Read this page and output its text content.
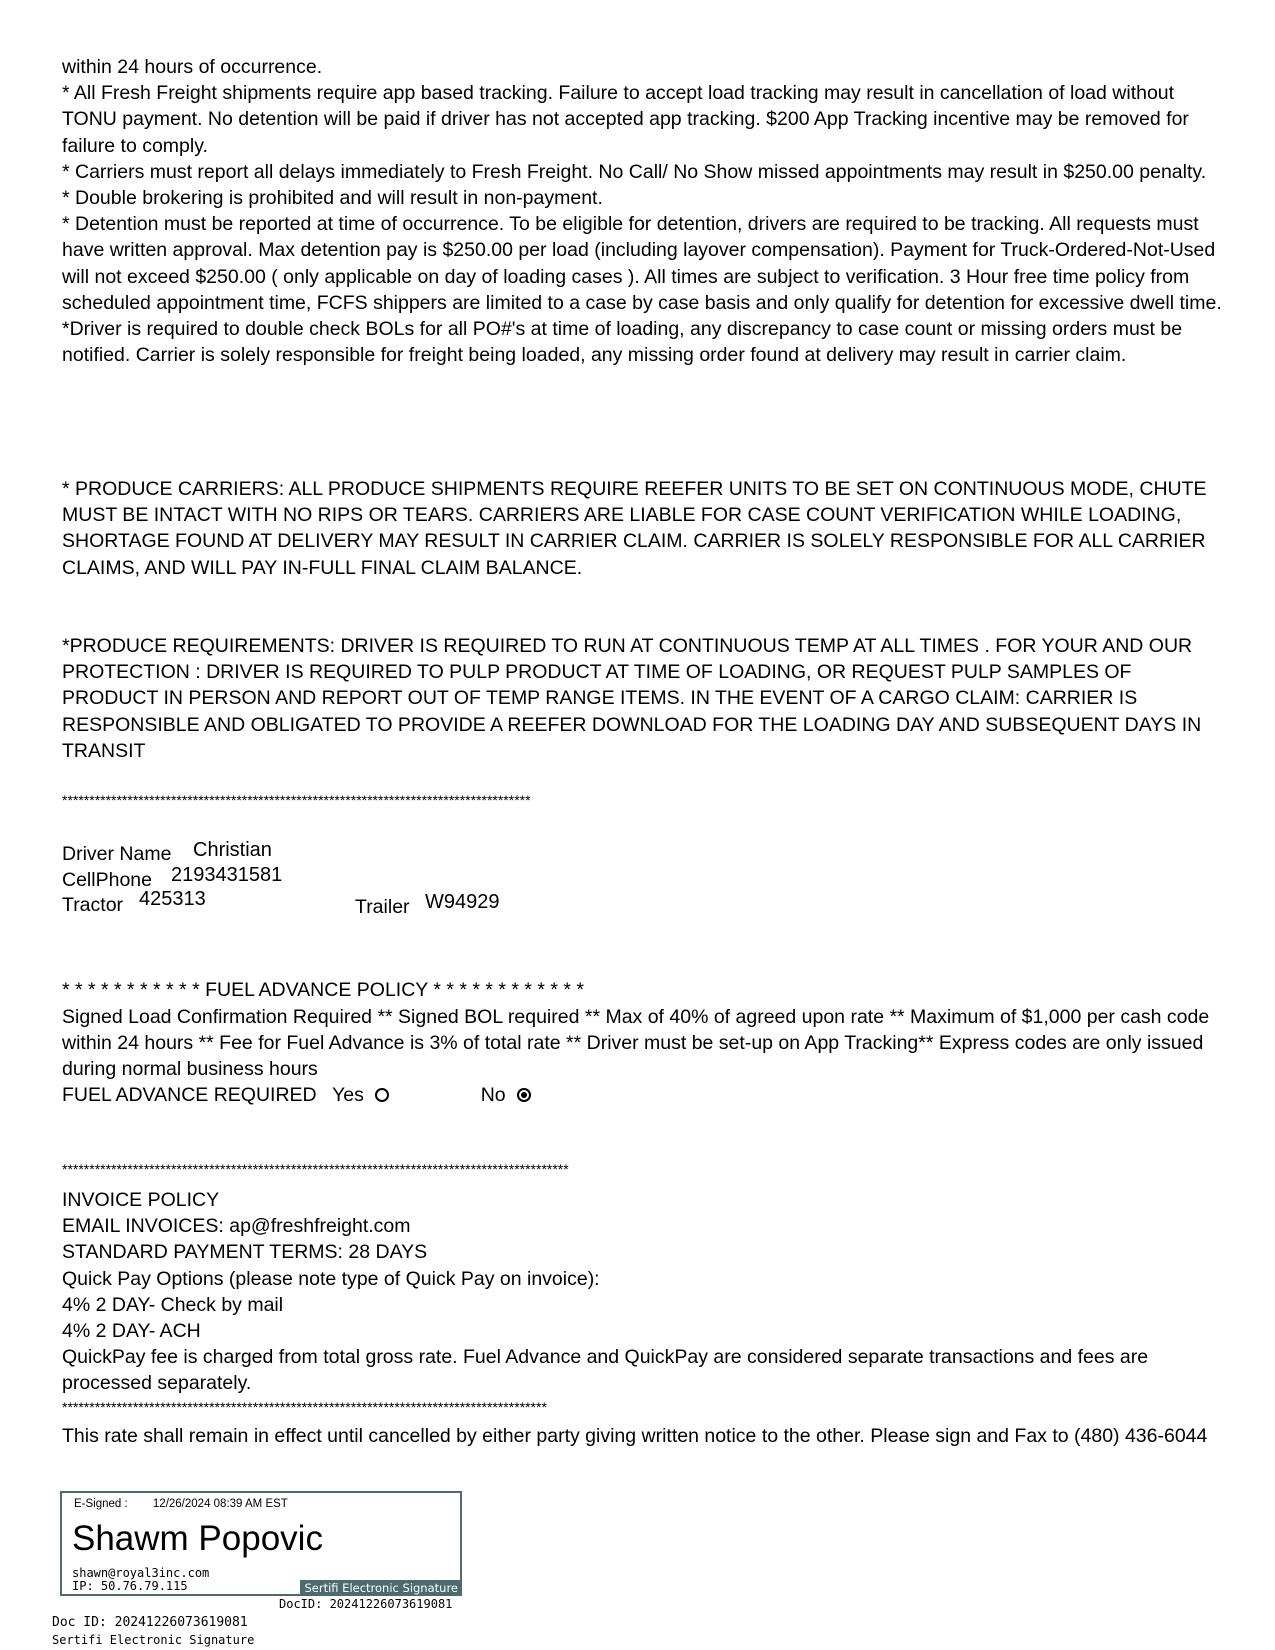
within 24 hours of occurrence.

* All Fresh Freight shipments require app based tracking. Failure to accept load tracking may result in cancellation of load without TONU payment. No detention will be paid if driver has not accepted app tracking. $200 App Tracking incentive may be removed for failure to comply.

* Carriers must report all delays immediately to Fresh Freight. No Call/ No Show missed appointments may result in $250.00 penalty.

* Double brokering is prohibited and will result in non-payment.

* Detention must be reported at time of occurrence. To be eligible for detention, drivers are required to be tracking. All requests must have written approval. Max detention pay is $250.00 per load (including layover compensation). Payment for Truck-Ordered-Not-Used will not exceed $250.00 ( only applicable on day of loading cases ). All times are subject to verification. 3 Hour free time policy from scheduled appointment time, FCFS shippers are limited to a case by case basis and only qualify for detention for excessive dwell time.

*Driver is required to double check BOLs for all PO#'s at time of loading, any discrepancy to case count or missing orders must be notified. Carrier is solely responsible for freight being loaded, any missing order found at delivery may result in carrier claim.

* PRODUCE CARRIERS: ALL PRODUCE SHIPMENTS REQUIRE REEFER UNITS TO BE SET ON CONTINUOUS MODE, CHUTE MUST BE INTACT WITH NO RIPS OR TEARS. CARRIERS ARE LIABLE FOR CASE COUNT VERIFICATION WHILE LOADING, SHORTAGE FOUND AT DELIVERY MAY RESULT IN CARRIER CLAIM. CARRIER IS SOLELY RESPONSIBLE FOR ALL CARRIER CLAIMS, AND WILL PAY IN-FULL FINAL CLAIM BALANCE.

*PRODUCE REQUIREMENTS: DRIVER IS REQUIRED TO RUN AT CONTINUOUS TEMP AT ALL TIMES . FOR YOUR AND OUR PROTECTION : DRIVER IS REQUIRED TO PULP PRODUCT AT TIME OF LOADING, OR REQUEST PULP SAMPLES OF PRODUCT IN PERSON AND REPORT OUT OF TEMP RANGE ITEMS. IN THE EVENT OF A CARGO CLAIM: CARRIER IS RESPONSIBLE AND OBLIGATED TO PROVIDE A REEFER DOWNLOAD FOR THE LOADING DAY AND SUBSEQUENT DAYS IN TRANSIT

**************************************************************************************
Driver Name Christian
CellPhone 2193431581
Tractor 425313	Trailer W94929
* * * * * * * * * * * FUEL ADVANCE POLICY * * * * * * * * * * * *

Signed Load Confirmation Required ** Signed BOL required ** Max of 40% of agreed upon rate ** Maximum of $1,000 per cash code within 24 hours ** Fee for Fuel Advance is 3% of total rate ** Driver must be set-up on App Tracking** Express codes are only issued during normal business hours

FUEL ADVANCE REQUIRED Yes	No
*********************************************************************************************

INVOICE POLICY

EMAIL INVOICES: ap@freshfreight.com

STANDARD PAYMENT TERMS: 28 DAYS

Quick Pay Options (please note type of Quick Pay on invoice):

4% 2 DAY- Check by mail

4% 2 DAY- ACH

QuickPay fee is charged from total gross rate. Fuel Advance and QuickPay are considered separate transactions and fees are processed separately.

*****************************************************************************************

This rate shall remain in effect until cancelled by either party giving written notice to the other. Please sign and Fax to (480) 436-6044

E-Signed : 12/26/2024 08:39 AM EST
Shawm Popovic
shawn@royal3inc.com
IP: 50.76.79.115	Sertifi Electronic Signature
DocID: 20241226073619081
Doc ID: 20241226073619081
Sertifi Electronic Signature
